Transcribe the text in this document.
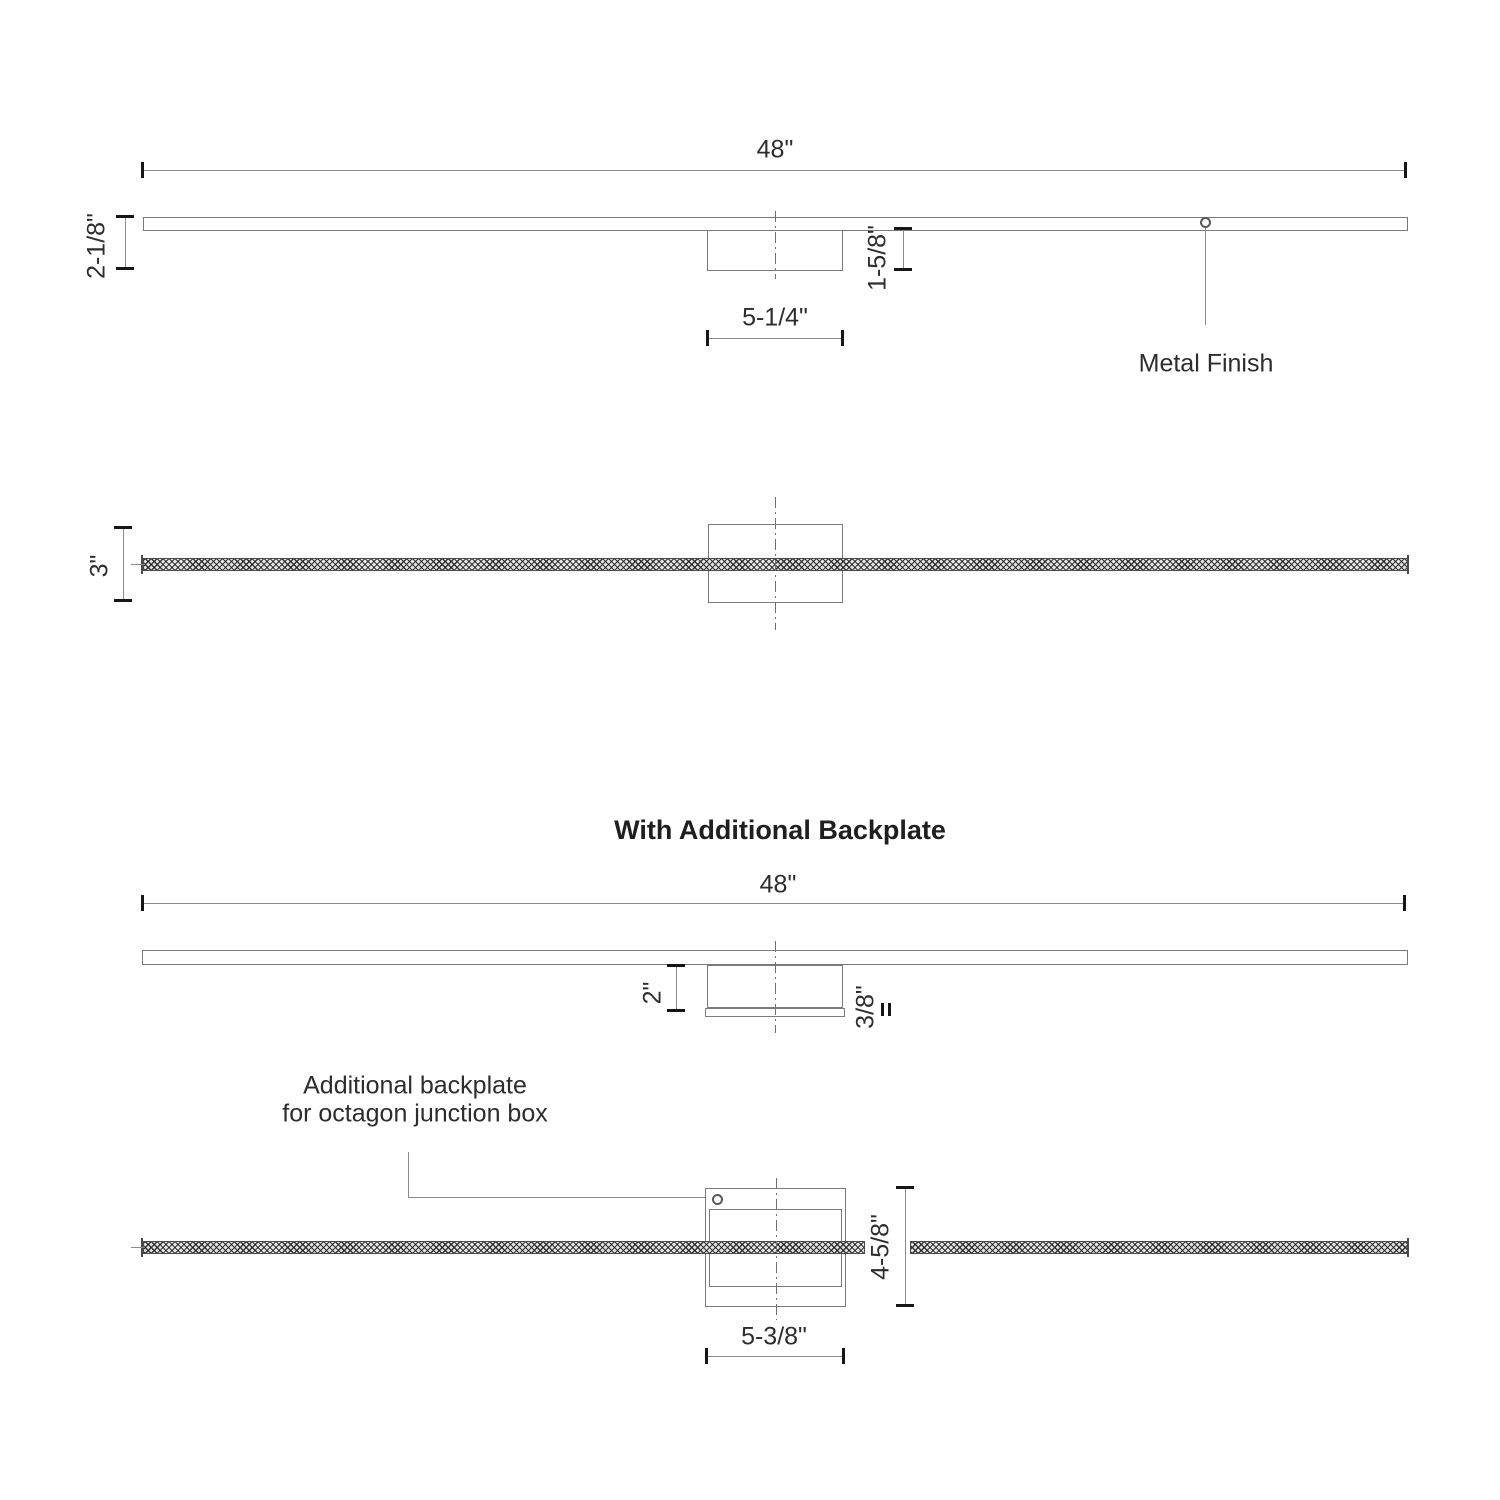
48"
2-1/8"	1-5/8"
5-1/4"
Metal Finish
3"
With Additional Backplate
48"
2"	3/8"
Additional backplate
for octagon junction box
4-5/8"
5-3/8"
